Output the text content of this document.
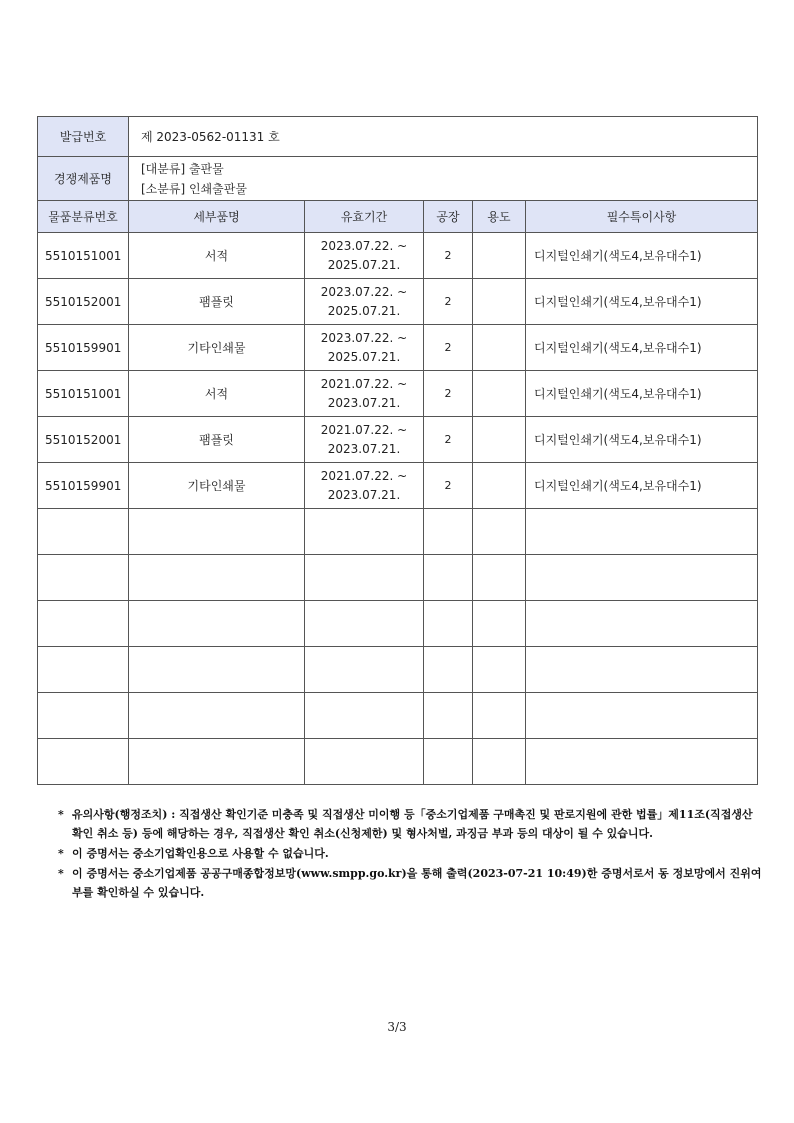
발급번호	제 2023-0562-01131 호				
경쟁제품명	[대분류] 출판물
[소분류] 인쇄출판물				

물품분류번호	세부품명	유효기간	공장	용도	필수특이사항
5510151001	서적	2023.07.22. ~
2025.07.21.	2		디지털인쇄기(색도4,보유대수1)
5510152001	팸플릿	2023.07.22. ~
2025.07.21.	2		디지털인쇄기(색도4,보유대수1)
5510159901	기타인쇄물	2023.07.22. ~
2025.07.21.	2		디지털인쇄기(색도4,보유대수1)
5510151001	서적	2021.07.22. ~
2023.07.21.	2		디지털인쇄기(색도4,보유대수1)
5510152001	팸플릿	2021.07.22. ~
2023.07.21.	2		디지털인쇄기(색도4,보유대수1)
5510159901	기타인쇄물	2021.07.22. ~
2023.07.21.	2		디지털인쇄기(색도4,보유대수1)

* 유의사항(행정조치) : 직접생산 확인기준 미충족 및 직접생산 미이행 등「중소기업제품 구매촉진 및 판로지원에 관한 법률」제11조(직접생산 확인 취소 등) 등에 해당하는 경우, 직접생산 확인 취소(신청제한) 및 형사처벌, 과징금 부과 등의 대상이 될 수 있습니다.
* 이 증명서는 중소기업확인용으로 사용할 수 없습니다.
* 이 증명서는 중소기업제품 공공구매종합정보망(www.smpp.go.kr)을 통해 출력(2023-07-21 10:49)한 증명서로서 동 정보망에서 진위여부를 확인하실 수 있습니다.
3/3
